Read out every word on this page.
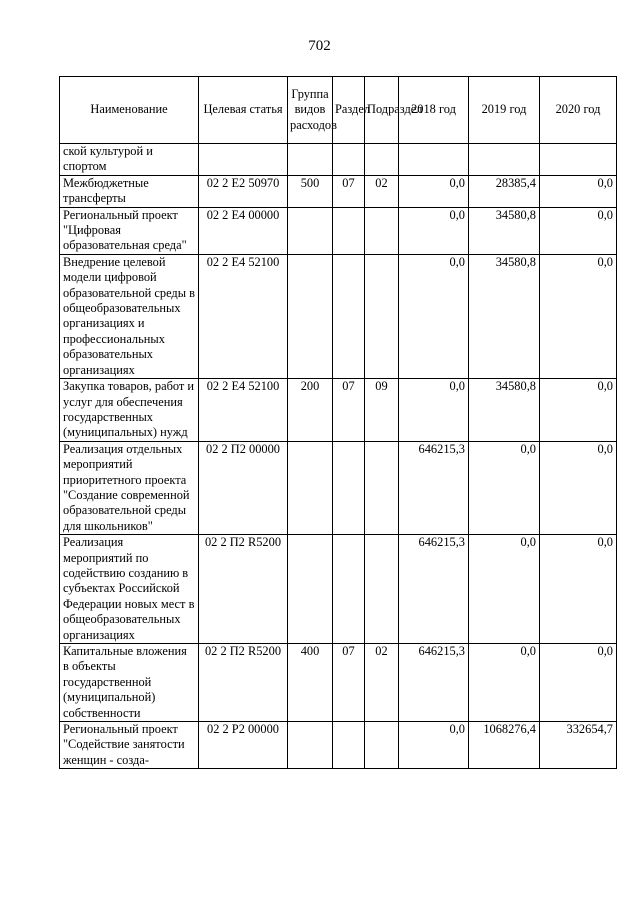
702
Наименование	Целевая статья	Группа видов расходов	Раздел	Подраздел	2018 год	2019 год	2020 год
ской культурой и спортом							
Межбюджетные трансферты	02 2 Е2 50970	500	07	02	0,0	28385,4	0,0
Региональный проект "Цифровая образовательная среда"	02 2 Е4 00000				0,0	34580,8	0,0
Внедрение целевой модели цифровой образовательной среды в общеобразовательных организациях и профессиональных образовательных организациях	02 2 Е4 52100				0,0	34580,8	0,0
Закупка товаров, работ и услуг для обеспечения государственных (муниципальных) нужд	02 2 Е4 52100	200	07	09	0,0	34580,8	0,0
Реализация отдельных мероприятий приоритетного проекта "Создание современной образовательной среды для школьников"	02 2 П2 00000				646215,3	0,0	0,0
Реализация мероприятий по содействию созданию в субъектах Российской Федерации новых мест в общеобразовательных организациях	02 2 П2 R5200				646215,3	0,0	0,0
Капитальные вложения в объекты государственной (муниципальной) собственности	02 2 П2 R5200	400	07	02	646215,3	0,0	0,0
Региональный проект "Содействие занятости женщин - созда-	02 2 Р2 00000				0,0	1068276,4	332654,7
